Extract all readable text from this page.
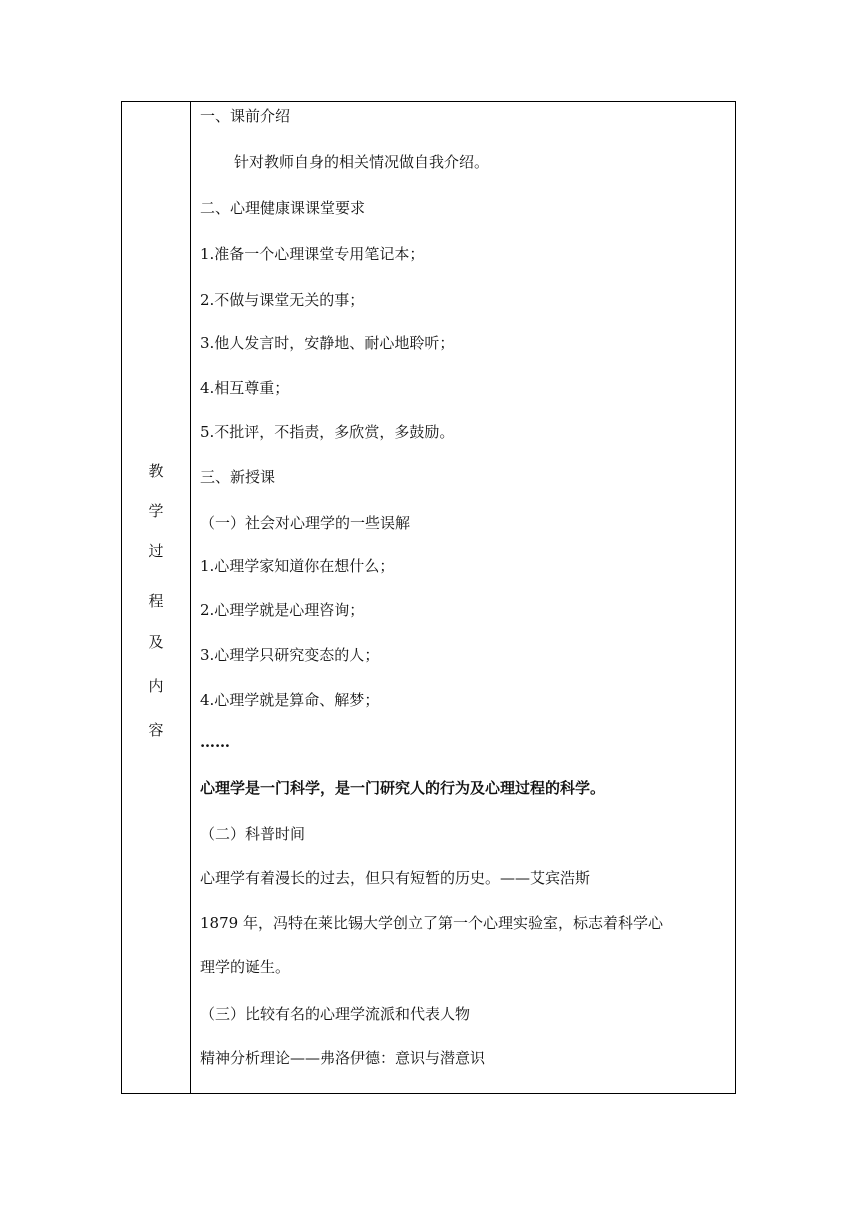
教
学
过
程
及
内
容
一、课前介绍
针对教师自身的相关情况做自我介绍。
二、心理健康课课堂要求
1.准备一个心理课堂专用笔记本；
2.不做与课堂无关的事；
3.他人发言时，安静地、耐心地聆听；
4.相互尊重；
5.不批评，不指责，多欣赏，多鼓励。
三、新授课
（一）社会对心理学的一些误解
1.心理学家知道你在想什么；
2.心理学就是心理咨询；
3.心理学只研究变态的人；
4.心理学就是算命、解梦；
……
心理学是一门科学，是一门研究人的行为及心理过程的科学。
（二）科普时间
心理学有着漫长的过去，但只有短暂的历史。——艾宾浩斯
1879 年，冯特在莱比锡大学创立了第一个心理实验室，标志着科学心
理学的诞生。
（三）比较有名的心理学流派和代表人物
精神分析理论——弗洛伊德：意识与潜意识
